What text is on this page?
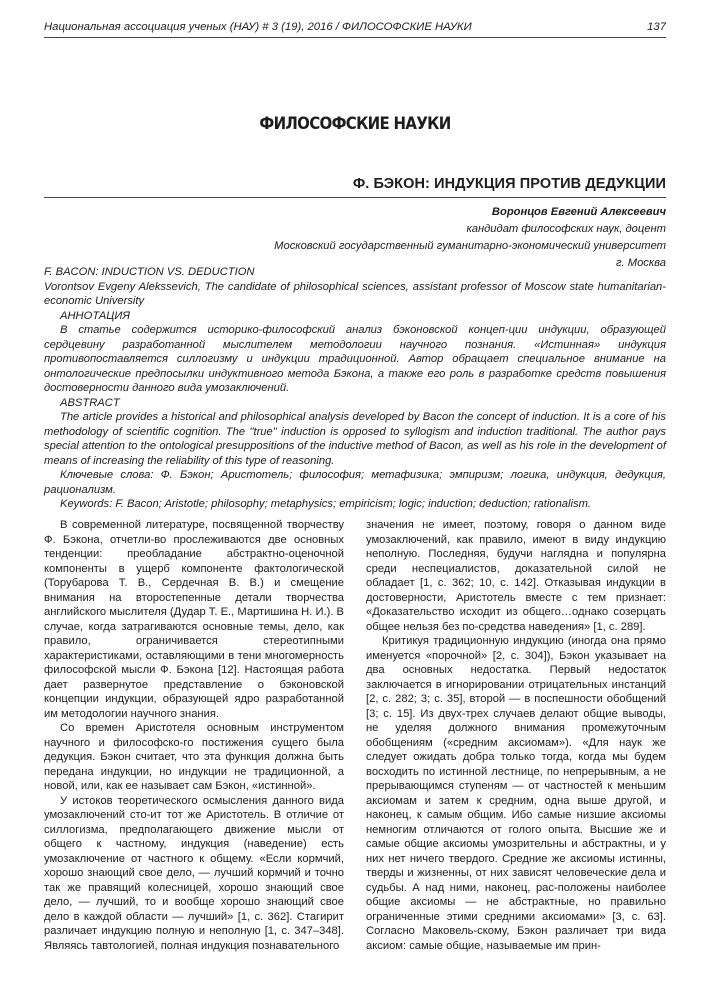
Национальная ассоциация ученых (НАУ) # 3 (19), 2016 / ФИЛОСОФСКИЕ НАУКИ	137
ФИЛОСОФСКИЕ НАУКИ
Ф. БЭКОН: ИНДУКЦИЯ ПРОТИВ ДЕДУКЦИИ
Воронцов Евгений Алексеевич
кандидат философских наук, доцент
Московский государственный гуманитарно-экономический университет
г. Москва

F. BACON: INDUCTION VS. DEDUCTION

Vorontsov Evgeny Alekssevich, The candidate of philosophical sciences, assistant professor of Moscow state humanitarian-economic University

АННОТАЦИЯ

В статье содержится историко-философский анализ бэконовской концеп-ции индукции, образующей сердцевину разработанной мыслителем методологии научного познания. «Истинная» индукция противопоставляется силлогизму и индукции традиционной. Автор обращает специальное внимание на онтологические предпосылки индуктивного метода Бэкона, а также его роль в разработке средств повышения достоверности данного вида умозаключений.

ABSTRACT

The article provides a historical and philosophical analysis developed by Bacon the concept of induction. It is a core of his methodology of scientific cognition. The "true" induction is opposed to syllogism and induction traditional. The author pays special attention to the ontological presuppositions of the inductive method of Bacon, as well as his role in the development of means of increasing the reliability of this type of reasoning.

Ключевые слова: Ф. Бэкон; Аристотель; философия; метафизика; эмпиризм; логика, индукция, дедукция, рационализм.

Keywords: F. Bacon; Aristotle; philosophy; metaphysics; empiricism; logic; induction; deduction; rationalism.

В современной литературе, посвященной творчеству Ф. Бэкона, отчетли-во прослеживаются две основных тенденции: преобладание абстрактно-оценочной компоненты в ущерб компоненте фактологической (Торубарова Т. В., Сердечная В. В.) и смещение внимания на второстепенные детали творчества английского мыслителя (Дудар Т. Е., Мартишина Н. И.). В случае, когда затрагиваются основные темы, дело, как правило, ограничивается стереотипными характеристиками, оставляющими в тени многомерность философской мысли Ф. Бэкона [12]. Настоящая работа дает развернутое представление о бэконовской концепции индукции, образующей ядро разработанной им методологии научного знания.

Со времен Аристотеля основным инструментом научного и философско-го постижения сущего была дедукция. Бэкон считает, что эта функция должна быть передана индукции, но индукции не традиционной, а новой, или, как ее называет сам Бэкон, «истинной».

У истоков теоретического осмысления данного вида умозаключений сто-ит тот же Аристотель. В отличие от силлогизма, предполагающего движение мысли от общего к частному, индукция (наведение) есть умозаключение от частного к общему. «Если кормчий, хорошо знающий свое дело, — лучший кормчий и точно так же правящий колесницей, хорошо знающий свое дело, — лучший, то и вообще хорошо знающий свое дело в каждой области — лучший» [1, с. 362]. Стагирит различает индукцию полную и неполную [1, с. 347–348]. Являясь тавтологией, полная индукция познавательного

значения не имеет, поэтому, говоря о данном виде умозаключений, как правило, имеют в виду индукцию неполную. Последняя, будучи наглядна и популярна среди неспециалистов, доказательной силой не обладает [1, с. 362; 10, с. 142]. Отказывая индукции в достоверности, Аристотель вместе с тем признает: «Доказательство исходит из общего…однако созерцать общее нельзя без по-средства наведения» [1, с. 289].

Критикуя традиционную индукцию (иногда она прямо именуется «порочной» [2, с. 304]), Бэкон указывает на два основных недостатка. Первый недостаток заключается в игнорировании отрицательных инстанций [2, с. 282; 3; с. 35], второй — в поспешности обобщений [3; с. 15]. Из двух-трех случаев делают общие выводы, не уделяя должного внимания промежуточным обобщениям («средним аксиомам»). «Для наук же следует ожидать добра только тогда, когда мы будем восходить по истинной лестнице, по непрерывным, а не прерывающимся ступеням — от частностей к меньшим аксиомам и затем к средним, одна выше другой, и наконец, к самым общим. Ибо самые низшие аксиомы немногим отличаются от голого опыта. Высшие же и самые общие аксиомы умозрительны и абстрактны, и у них нет ничего твердого. Средние же аксиомы истинны, тверды и жизненны, от них зависят человеческие дела и судьбы. А над ними, наконец, рас-положены наиболее общие аксиомы — не абстрактные, но правильно ограниченные этими средними аксиомами» [3, с. 63]. Согласно Маковель-скому, Бэкон различает три вида аксиом: самые общие, называемые им прин-
